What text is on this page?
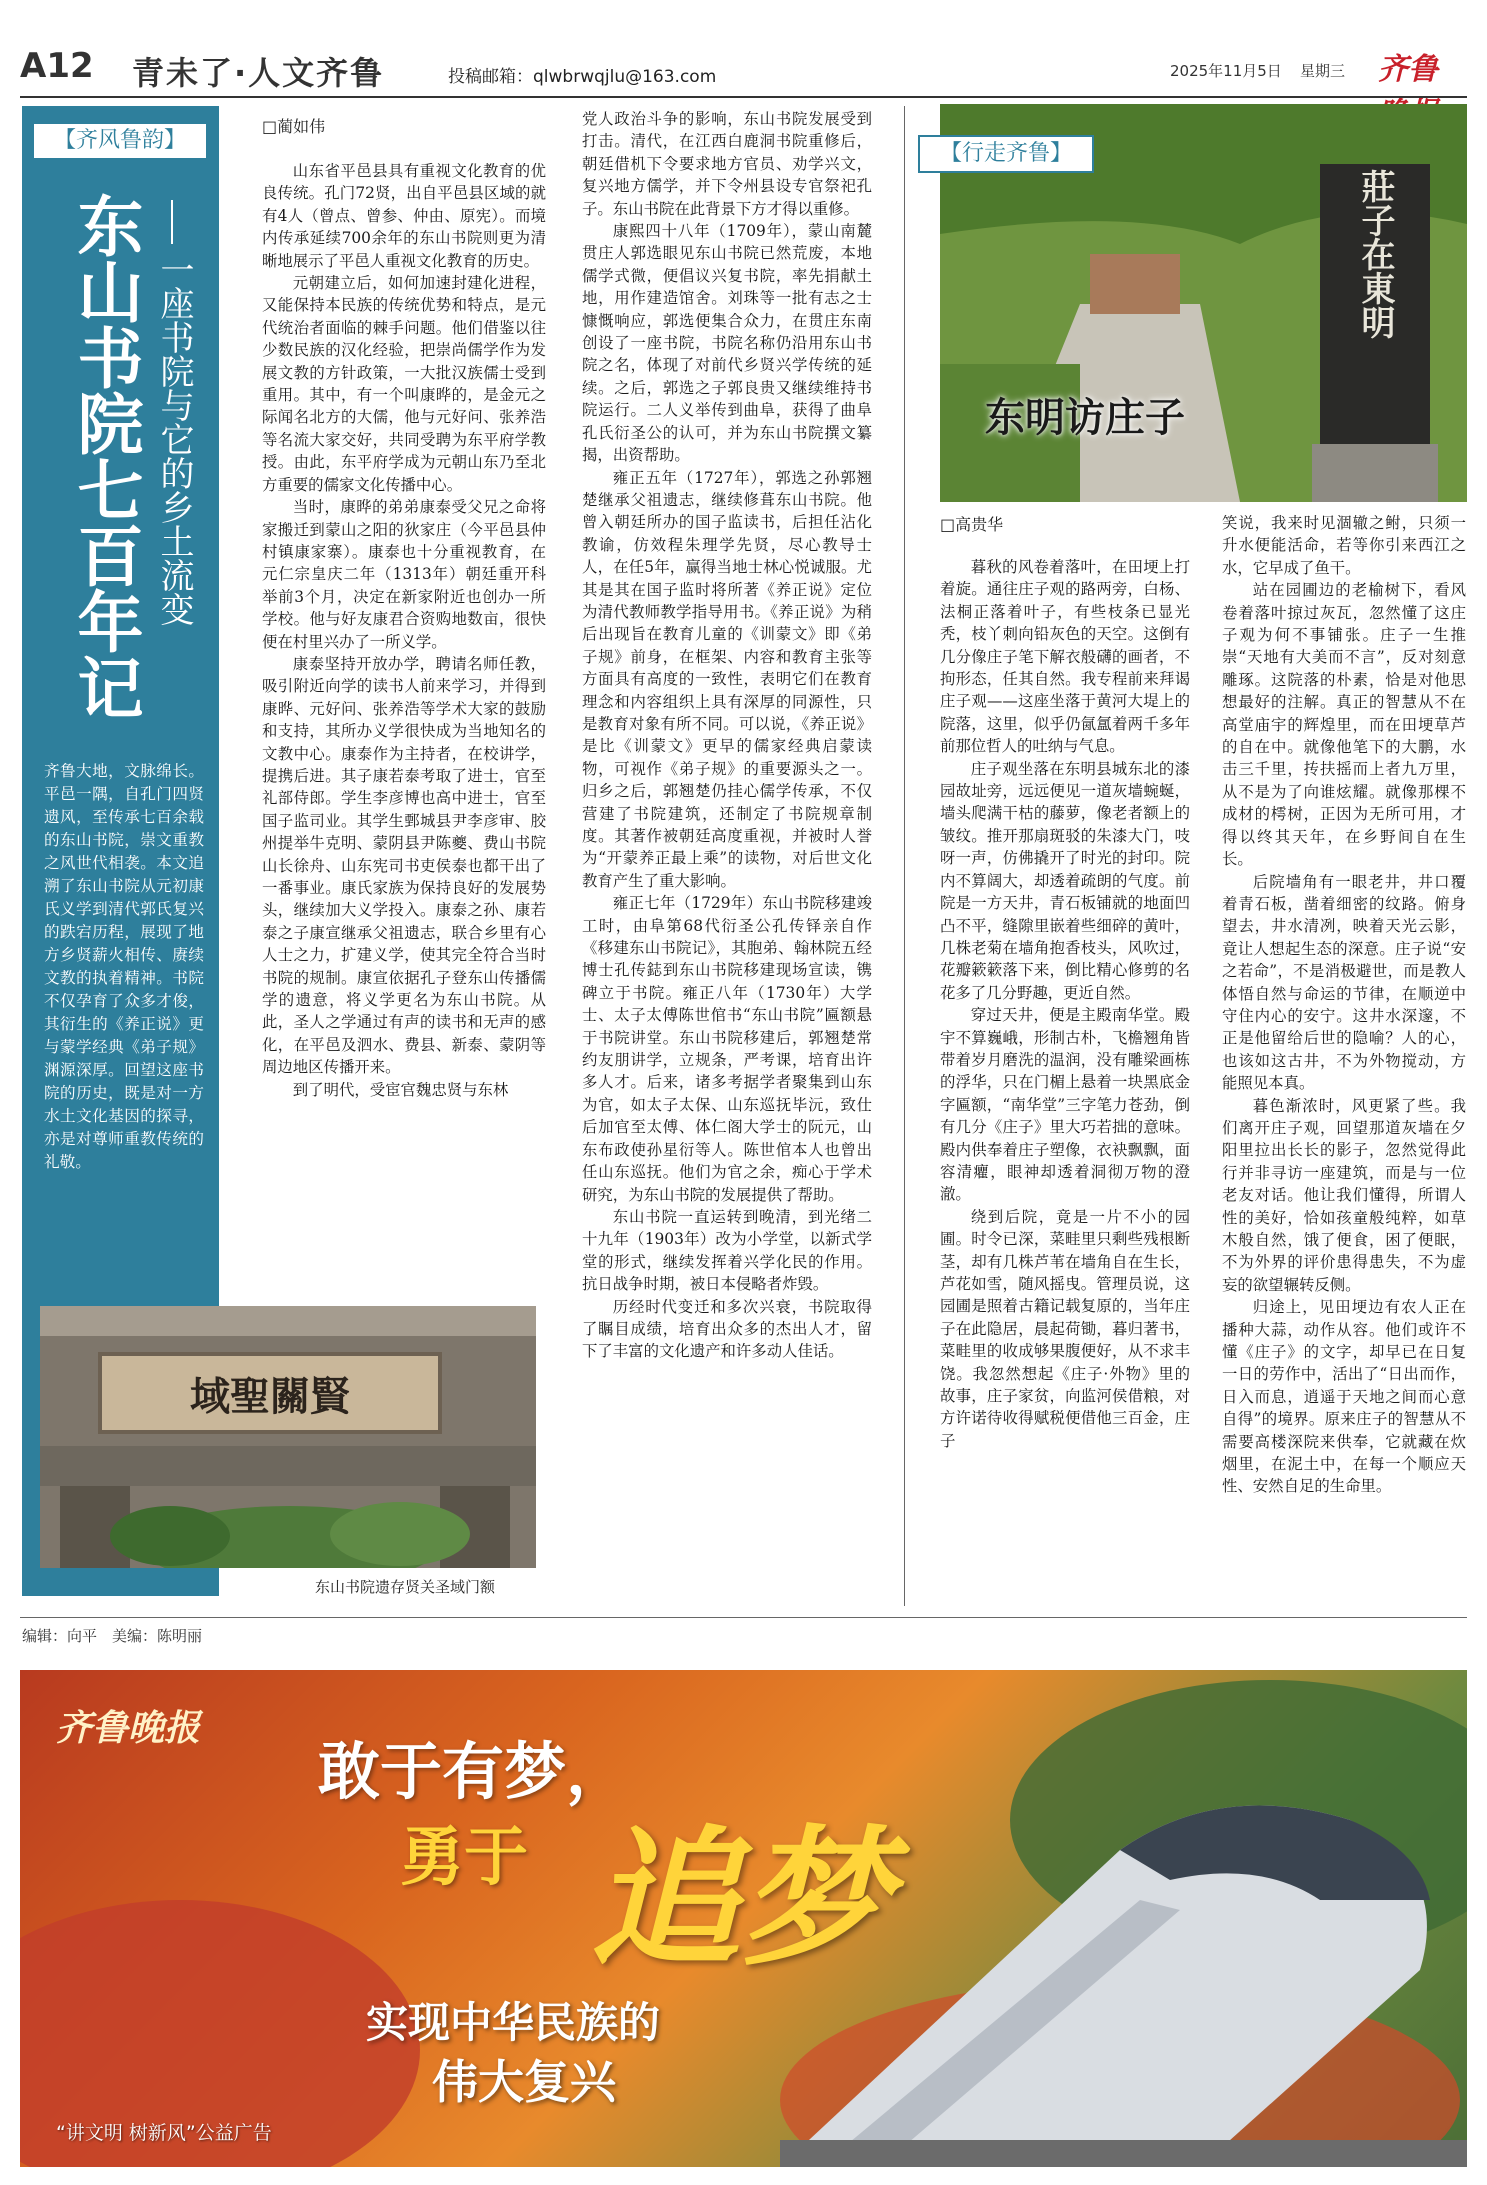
A12 青未了·人文齐鲁	投稿邮箱：qlwbrwqjlu@163.com	2025年11月5日 星期三 齐鲁
【齐风鲁韵】
东山书院七百年记 一座书院与它的乡土流变
齐鲁大地，文脉绵长。平邑一隅，自孔门四贤遗风，至传承七百余载的东山书院，崇文重教之风世代相袭。本文追溯了东山书院从元初康氏义学到清代郭氏复兴的跌宕历程，展现了地方乡贤薪火相传、赓续文教的执着精神。书院不仅孕育了众多才俊，其衍生的《养正说》更与蒙学经典《弟子规》渊源深厚。回望这座书院的历史，既是对一方水土文化基因的探寻，亦是对尊师重教传统的礼敬。
域聖關賢
东山书院遗存贤关圣域门额
□蔺如伟

山东省平邑县具有重视文化教育的优良传统。孔门72贤，出自平邑县区域的就有4人（曾点、曾参、仲由、原宪）。而境内传承延续700余年的东山书院则更为清晰地展示了平邑人重视文化教育的历史。

元朝建立后，如何加速封建化进程，又能保持本民族的传统优势和特点，是元代统治者面临的棘手问题。他们借鉴以往少数民族的汉化经验，把崇尚儒学作为发展文教的方针政策，一大批汉族儒士受到重用。其中，有一个叫康晔的，是金元之际闻名北方的大儒，他与元好问、张养浩等名流大家交好，共同受聘为东平府学教授。由此，东平府学成为元朝山东乃至北方重要的儒家文化传播中心。

当时，康晔的弟弟康泰受父兄之命将家搬迁到蒙山之阳的狄家庄（今平邑县仲村镇康家寨）。康泰也十分重视教育，在元仁宗皇庆二年（1313年）朝廷重开科举前3个月，决定在新家附近也创办一所学校。他与好友康君合资购地数亩，很快便在村里兴办了一所义学。

康泰坚持开放办学，聘请名师任教，吸引附近向学的读书人前来学习，并得到康晔、元好问、张养浩等学术大家的鼓励和支持，其所办义学很快成为当地知名的文教中心。康泰作为主持者，在校讲学，提携后进。其子康若泰考取了进士，官至礼部侍郎。学生李彦博也高中进士，官至国子监司业。其学生鄄城县尹李彦审、胶州提举牛克明、蒙阴县尹陈夔、费山书院山长徐舟、山东宪司书吏侯泰也都干出了一番事业。康氏家族为保持良好的发展势头，继续加大义学投入。康泰之孙、康若泰之子康宣继承父祖遗志，联合乡里有心人士之力，扩建义学，使其完全符合当时书院的规制。康宣依据孔子登东山传播儒学的遗意，将义学更名为东山书院。从此，圣人之学通过有声的读书和无声的感化，在平邑及泗水、费县、新泰、蒙阴等周边地区传播开来。

到了明代，受宦官魏忠贤与东林

党人政治斗争的影响，东山书院发展受到打击。清代，在江西白鹿洞书院重修后，朝廷借机下令要求地方官员、劝学兴文，复兴地方儒学，并下令州县设专官祭祀孔子。东山书院在此背景下方才得以重修。

康熙四十八年（1709年），蒙山南麓贯庄人郭选眼见东山书院已然荒废，本地儒学式微，便倡议兴复书院，率先捐献土地，用作建造馆舍。刘珠等一批有志之士慷慨响应，郭选便集合众力，在贯庄东南创设了一座书院，书院名称仍沿用东山书院之名，体现了对前代乡贤兴学传统的延续。之后，郭选之子郭良贵又继续维持书院运行。二人义举传到曲阜，获得了曲阜孔氏衍圣公的认可，并为东山书院撰文纂揭，出资帮助。

雍正五年（1727年），郭选之孙郭翘楚继承父祖遗志，继续修葺东山书院。他曾入朝廷所办的国子监读书，后担任沾化教谕，仿效程朱理学先贤，尽心教导士人，在任5年，赢得当地士林心悦诚服。尤其是其在国子监时将所著《养正说》定位为清代教师教学指导用书。《养正说》为稍后出现旨在教育儿童的《训蒙文》即《弟子规》前身，在框架、内容和教育主张等方面具有高度的一致性，表明它们在教育理念和内容组织上具有深厚的同源性，只是教育对象有所不同。可以说，《养正说》是比《训蒙文》更早的儒家经典启蒙读物，可视作《弟子规》的重要源头之一。归乡之后，郭翘楚仍挂心儒学传承，不仅营建了书院建筑，还制定了书院规章制度。其著作被朝廷高度重视，并被时人誉为“开蒙养正最上乘”的读物，对后世文化教育产生了重大影响。

雍正七年（1729年）东山书院移建竣工时，由阜第68代衍圣公孔传铎亲自作《移建东山书院记》，其胞弟、翰林院五经博士孔传鋕到东山书院移建现场宣读，镌碑立于书院。雍正八年（1730年）大学士、太子太傅陈世倌书“东山书院”匾额悬于书院讲堂。东山书院移建后，郭翘楚常约友朋讲学，立规条，严考课，培育出许多人才。后来，诸多考据学者聚集到山东为官，如太子太保、山东巡抚毕沅，致仕后加官至太傅、体仁阁大学士的阮元，山东布政使孙星衍等人。陈世倌本人也曾出任山东巡抚。他们为官之余，痴心于学术研究，为东山书院的发展提供了帮助。

东山书院一直运转到晚清，到光绪二十九年（1903年）改为小学堂，以新式学堂的形式，继续发挥着兴学化民的作用。抗日战争时期，被日本侵略者炸毁。

历经时代变迁和多次兴衰，书院取得了瞩目成绩，培育出众多的杰出人才，留下了丰富的文化遗产和许多动人佳话。

莊子在東明
【行走齐鲁】
东明访庄子
□高贵华

暮秋的风卷着落叶，在田埂上打着旋。通往庄子观的路两旁，白杨、法桐正落着叶子，有些枝条已显光秃，枝丫刺向铅灰色的天空。这倒有几分像庄子笔下解衣般礴的画者，不拘形态，任其自然。我专程前来拜谒庄子观——这座坐落于黄河大堤上的院落，这里，似乎仍氤氲着两千多年前那位哲人的吐纳与气息。

庄子观坐落在东明县城东北的漆园故址旁，远远便见一道灰墙蜿蜒，墙头爬满干枯的藤萝，像老者额上的皱纹。推开那扇斑驳的朱漆大门，吱呀一声，仿佛撬开了时光的封印。院内不算阔大，却透着疏朗的气度。前院是一方天井，青石板铺就的地面凹凸不平，缝隙里嵌着些细碎的黄叶，几株老菊在墙角抱香枝头，风吹过，花瓣簌簌落下来，倒比精心修剪的名花多了几分野趣，更近自然。

穿过天井，便是主殿南华堂。殿宇不算巍峨，形制古朴，飞檐翘角皆带着岁月磨洗的温润，没有雕梁画栋的浮华，只在门楣上悬着一块黑底金字匾额，“南华堂”三字笔力苍劲，倒有几分《庄子》里大巧若拙的意味。殿内供奉着庄子塑像，衣袂飘飘，面容清癯，眼神却透着洞彻万物的澄澈。

绕到后院，竟是一片不小的园圃。时令已深，菜畦里只剩些残根断茎，却有几株芦苇在墙角自在生长，芦花如雪，随风摇曳。管理员说，这园圃是照着古籍记载复原的，当年庄子在此隐居，晨起荷锄，暮归著书，菜畦里的收成够果腹便好，从不求丰饶。我忽然想起《庄子·外物》里的故事，庄子家贫，向监河侯借粮，对方许诺待收得赋税便借他三百金，庄子

笑说，我来时见涸辙之鲋，只须一升水便能活命，若等你引来西江之水，它早成了鱼干。

站在园圃边的老榆树下，看风卷着落叶掠过灰瓦，忽然懂了这庄子观为何不事铺张。庄子一生推崇“天地有大美而不言”，反对刻意雕琢。这院落的朴素，恰是对他思想最好的注解。真正的智慧从不在高堂庙宇的辉煌里，而在田埂草芦的自在中。就像他笔下的大鹏，水击三千里，抟扶摇而上者九万里，从不是为了向谁炫耀。就像那棵不成材的樗树，正因为无所可用，才得以终其天年，在乡野间自在生长。

后院墙角有一眼老井，井口覆着青石板，凿着细密的纹路。俯身望去，井水清冽，映着天光云影，竟让人想起生态的深意。庄子说“安之若命”，不是消极避世，而是教人体悟自然与命运的节律，在顺逆中守住内心的安宁。这井水深邃，不正是他留给后世的隐喻？人的心，也该如这古井，不为外物搅动，方能照见本真。

暮色渐浓时，风更紧了些。我们离开庄子观，回望那道灰墙在夕阳里拉出长长的影子，忽然觉得此行并非寻访一座建筑，而是与一位老友对话。他让我们懂得，所谓人性的美好，恰如孩童般纯粹，如草木般自然，饿了便食，困了便眠，不为外界的评价患得患失，不为虚妄的欲望辗转反侧。

归途上，见田埂边有农人正在播种大蒜，动作从容。他们或许不懂《庄子》的文字，却早已在日复一日的劳作中，活出了“日出而作，日入而息，逍遥于天地之间而心意自得”的境界。原来庄子的智慧从不需要高楼深院来供奉，它就藏在炊烟里，在泥土中，在每一个顺应天性、安然自足的生命里。

编辑：向平　美编：陈明丽
齐鲁晚报
敢于有梦，
勇于 追梦
实现中华民族的
伟大复兴
“讲文明 树新风”公益广告
